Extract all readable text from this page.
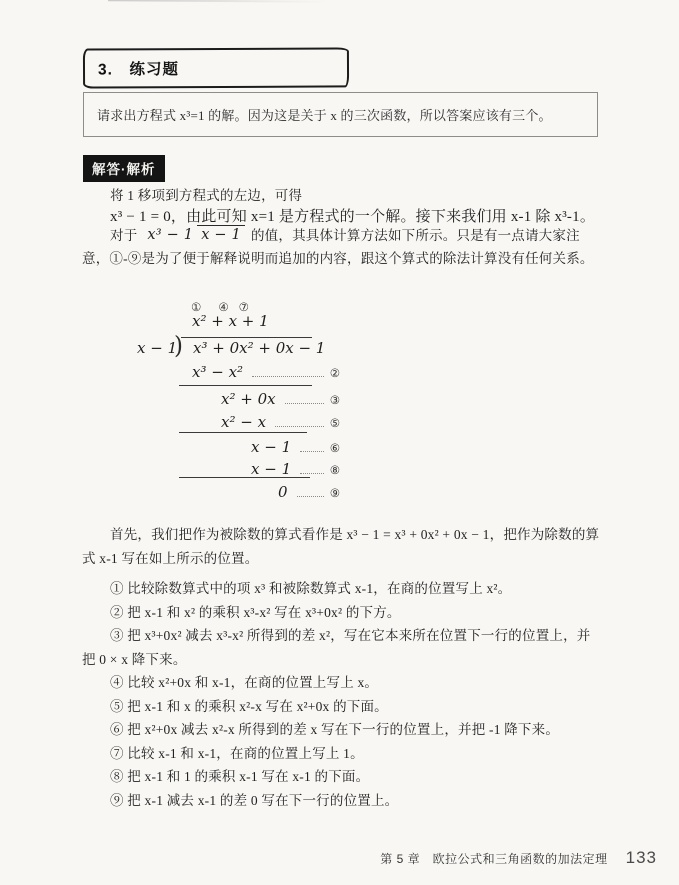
3.　练习题
请求出方程式 x³=1 的解。因为这是关于 x 的三次函数，所以答案应该有三个。
解答·解析
将 1 移项到方程式的左边，可得
x³ − 1 = 0，由此可知 x=1 是方程式的一个解。接下来我们用 x-1 除 x³-1。
对于 x³ − 1 x − 1 的值，其具体计算方法如下所示。只是有一点请大家注意，①-⑨是为了便于解释说明而追加的内容，跟这个算式的除法计算没有任何关系。
① ④ ⑦
x² + x + 1
x − 1
) x³ + 0x² + 0x − 1
x³ − x²	②
x² + 0x	③
x² − x	⑤
x − 1	⑥
x − 1	⑧
0	⑨

首先，我们把作为被除数的算式看作是 x³ − 1 = x³ + 0x² + 0x − 1，把作为除数的算式 x-1 写在如上所示的位置。

① 比较除数算式中的项 x³ 和被除数算式 x-1，在商的位置写上 x²。

② 把 x-1 和 x² 的乘积 x³-x² 写在 x³+0x² 的下方。

③ 把 x³+0x² 减去 x³-x² 所得到的差 x²，写在它本来所在位置下一行的位置上，并把 0 × x 降下来。

④ 比较 x²+0x 和 x-1，在商的位置上写上 x。

⑤ 把 x-1 和 x 的乘积 x²-x 写在 x²+0x 的下面。

⑥ 把 x²+0x 减去 x²-x 所得到的差 x 写在下一行的位置上，并把 -1 降下来。

⑦ 比较 x-1 和 x-1，在商的位置上写上 1。

⑧ 把 x-1 和 1 的乘积 x-1 写在 x-1 的下面。

⑨ 把 x-1 减去 x-1 的差 0 写在下一行的位置上。

第 5 章　欧拉公式和三角函数的加法定理 133
